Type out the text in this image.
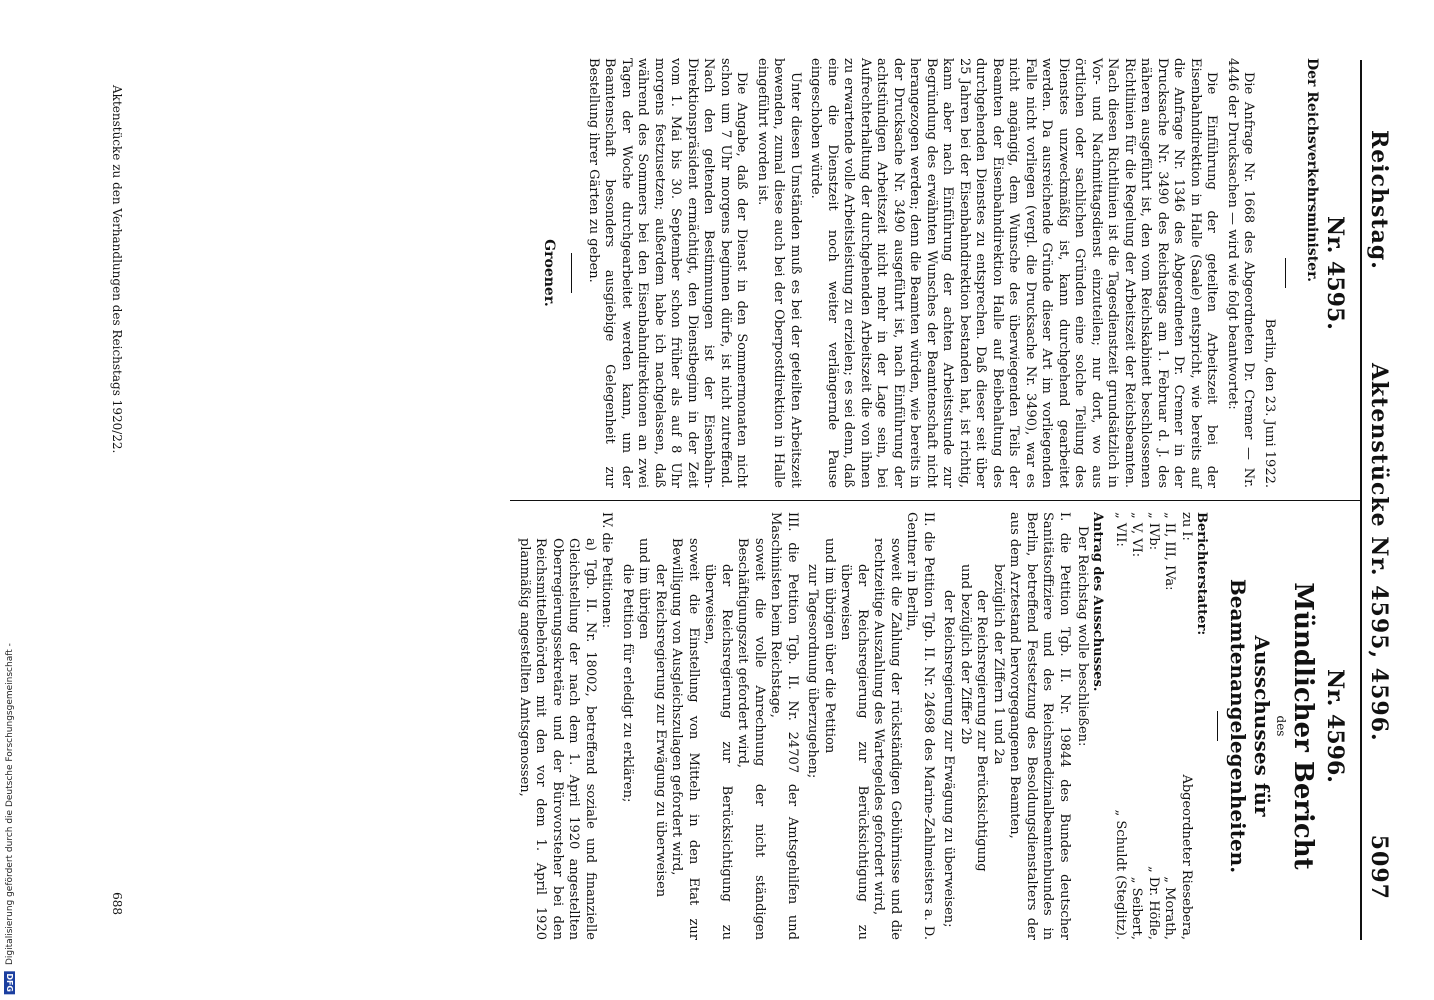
Reichstag.
Aktenstücke Nr. 4595, 4596.
5097
Nr. 4595.
Der Reichsverkehrsminister.
Berlin, den 23. Juni 1922.

Die Anfrage Nr. 1668 des Abgeordneten Dr. Cremer — Nr. 4446 der Drucksachen — wird wie folgt beantwortet:

Die Einführung der geteilten Arbeitszeit bei der Eisenbahndirektion in Halle (Saale) entspricht, wie bereits auf die Anfrage Nr. 1346 des Abgeordneten Dr. Cremer in der Drucksache Nr. 3490 des Reichstags am 1. Februar d. J. des näheren ausgeführt ist, den vom Reichskabinett beschlossenen Richtlinien für die Regelung der Arbeitszeit der Reichsbeamten. Nach diesen Richtlinien ist die Tagesdienstzeit grundsätzlich in Vor- und Nachmittagsdienst einzuteilen; nur dort, wo aus örtlichen oder sachlichen Gründen eine solche Teilung des Dienstes unzweckmäßig ist, kann durchgehend gearbeitet werden. Da ausreichende Gründe dieser Art im vorliegenden Falle nicht vorliegen (vergl. die Drucksache Nr. 3490), war es nicht angängig, dem Wunsche des überwiegenden Teils der Beamten der Eisenbahndirektion Halle auf Beibehaltung des durchgehenden Dienstes zu entsprechen. Daß dieser seit über 25 Jahren bei der Eisenbahndirektion bestanden hat, ist richtig, kann aber nach Einführung der achten Arbeitsstunde zur Begründung des erwähnten Wunsches der Beamtenschaft nicht herangezogen werden; denn die Beamten würden, wie bereits in der Drucksache Nr. 3490 ausgeführt ist, nach Einführung der achtstündigen Arbeitszeit nicht mehr in der Lage sein, bei Aufrechterhaltung der durchgehenden Arbeitszeit die von ihnen zu erwartende volle Arbeitsleistung zu erzielen; es sei denn, daß eine die Dienstzeit noch weiter verlängernde Pause eingeschoben würde.

Unter diesen Umständen muß es bei der geteilten Arbeitszeit bewenden, zumal diese auch bei der Oberpostdirektion in Halle eingeführt worden ist.

Die Angabe, daß der Dienst in den Sommermonaten nicht schon um 7 Uhr morgens beginnen dürfe, ist nicht zutreffend. Nach den geltenden Bestimmungen ist der Eisenbahn-Direktionspräsident ermächtigt, den Dienstbeginn in der Zeit vom 1. Mai bis 30. September schon früher als auf 8 Uhr morgens festzusetzen; außerdem habe ich nachgelassen, daß während des Sommers bei den Eisenbahndirektionen an zwei Tagen der Woche durchgearbeitet werden kann, um der Beamtenschaft besonders ausgiebige Gelegenheit zur Bestellung ihrer Gärten zu geben.

Groener.
Aktenstücke zu den Verhandlungen des Reichstags 1920/22.
688
Nr. 4596.
Mündlicher Bericht
des
Ausschusses für Beamtenangelegenheiten.
Berichterstatter:
zu I:
Abgeordneter Riesebera,
„ II, III, IVa:
„ Morath,
„ IVb:
„ Dr. Höfle,
„ V, VI:
„ Seibert,
„ VII:
„ Schuldt (Steglitz).
Antrag des Ausschusses.
Der Reichstag wolle beschließen:
I. die Petition Tgb. II. Nr. 19844 des Bundes deutscher Sanitätsoffiziere und des Reichsmedizinalbeamtenbundes in Berlin, betreffend Festsetzung des Besoldungsdienstalters der aus dem Arztestand hervorgegangenen Beamten,
bezüglich der Ziffern 1 und 2a
der Reichsregierung zur Berücksichtigung
und bezüglich der Ziffer 2b
der Reichsregierung zur Erwägung zu überweisen;
II. die Petition Tgb. II. Nr. 24698 des Marine-Zahlmeisters a. D. Gentner in Berlin,
soweit die Zahlung der rückständigen Gebührnisse und die rechtzeitige Auszahlung des Wartegeldes gefordert wird,
der Reichsregierung zur Berücksichtigung zu überweisen
und im übrigen über die Petition
zur Tagesordnung überzugehen;
III. die Petition Tgb. II. Nr. 24707 der Amtsgehilfen und Maschinisten beim Reichstage,
soweit die volle Anrechnung der nicht ständigen Beschäftigungszeit gefordert wird,
der Reichsregierung zur Berücksichtigung zu überweisen,
soweit die Einstellung von Mitteln in den Etat zur Bewilligung von Ausgleichszulagen gefordert wird,
der Reichsregierung zur Erwägung zu überweisen
und im übrigen
die Petition für erledigt zu erklären;
IV. die Petitionen:
a) Tgb. II. Nr. 18002, betreffend soziale und finanzielle Gleichstellung der nach dem 1. April 1920 angestellten Oberregierungssekretäre und der Bürovorsteher bei den Reichsmittelbehörden mit den vor dem 1. April 1920 planmäßig angestellten Amtsgenossen,
DFG
Digitalisierung gefördert durch die Deutsche Forschungsgemeinschaft -
